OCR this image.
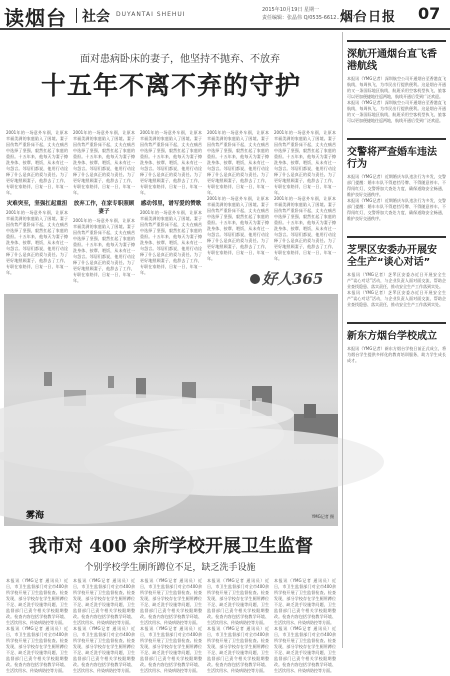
读烟台 社会 DUYANTAI SHEHUI
2015年10月19日 星期一
责任编辑：张晶伟 Q/0535-6612... 1697...
烟台日报 07
面对患病卧床的妻子，他坚持不抛弃、不放弃
十五年不离不弃的守护
2001年的一场意外车祸，让原本幸福美满的家庭陷入了困境。妻子因伤势严重卧床不起，丈夫在痛苦中选择了坚强，毅然扛起了家庭的重担。十五年来，他每天为妻子擦洗身体、按摩、喂饭，从未有过一句怨言。邻居们都说，他用行动诠释了什么是真正的爱与责任。为了更好地照顾妻子，他辞去了工作，专职在家陪伴，日复一日，年复一年。
灾难突至，坚强扛起重担
2001年的一场意外车祸，让原本幸福美满的家庭陷入了困境。妻子因伤势严重卧床不起，丈夫在痛苦中选择了坚强，毅然扛起了家庭的重担。十五年来，他每天为妻子擦洗身体、按摩、喂饭，从未有过一句怨言。邻居们都说，他用行动诠释了什么是真正的爱与责任。为了更好地照顾妻子，他辞去了工作，专职在家陪伴，日复一日，年复一年。
2001年的一场意外车祸，让原本幸福美满的家庭陷入了困境。妻子因伤势严重卧床不起，丈夫在痛苦中选择了坚强，毅然扛起了家庭的重担。十五年来，他每天为妻子擦洗身体、按摩、喂饭，从未有过一句怨言。邻居们都说，他用行动诠释了什么是真正的爱与责任。为了更好地照顾妻子，他辞去了工作，专职在家陪伴，日复一日，年复一年。
放弃工作，在家专职照顾妻子
2001年的一场意外车祸，让原本幸福美满的家庭陷入了困境。妻子因伤势严重卧床不起，丈夫在痛苦中选择了坚强，毅然扛起了家庭的重担。十五年来，他每天为妻子擦洗身体、按摩、喂饭，从未有过一句怨言。邻居们都说，他用行动诠释了什么是真正的爱与责任。为了更好地照顾妻子，他辞去了工作，专职在家陪伴，日复一日，年复一年。
2001年的一场意外车祸，让原本幸福美满的家庭陷入了困境。妻子因伤势严重卧床不起，丈夫在痛苦中选择了坚强，毅然扛起了家庭的重担。十五年来，他每天为妻子擦洗身体、按摩、喂饭，从未有过一句怨言。邻居们都说，他用行动诠释了什么是真正的爱与责任。为了更好地照顾妻子，他辞去了工作，专职在家陪伴，日复一日，年复一年。
感动邻里，谱写爱的赞歌
2001年的一场意外车祸，让原本幸福美满的家庭陷入了困境。妻子因伤势严重卧床不起，丈夫在痛苦中选择了坚强，毅然扛起了家庭的重担。十五年来，他每天为妻子擦洗身体、按摩、喂饭，从未有过一句怨言。邻居们都说，他用行动诠释了什么是真正的爱与责任。为了更好地照顾妻子，他辞去了工作，专职在家陪伴，日复一日，年复一年。
2001年的一场意外车祸，让原本幸福美满的家庭陷入了困境。妻子因伤势严重卧床不起，丈夫在痛苦中选择了坚强，毅然扛起了家庭的重担。十五年来，他每天为妻子擦洗身体、按摩、喂饭，从未有过一句怨言。邻居们都说，他用行动诠释了什么是真正的爱与责任。为了更好地照顾妻子，他辞去了工作，专职在家陪伴，日复一日，年复一年。
2001年的一场意外车祸，让原本幸福美满的家庭陷入了困境。妻子因伤势严重卧床不起，丈夫在痛苦中选择了坚强，毅然扛起了家庭的重担。十五年来，他每天为妻子擦洗身体、按摩、喂饭，从未有过一句怨言。邻居们都说，他用行动诠释了什么是真正的爱与责任。为了更好地照顾妻子，他辞去了工作，专职在家陪伴，日复一日，年复一年。
2001年的一场意外车祸，让原本幸福美满的家庭陷入了困境。妻子因伤势严重卧床不起，丈夫在痛苦中选择了坚强，毅然扛起了家庭的重担。十五年来，他每天为妻子擦洗身体、按摩、喂饭，从未有过一句怨言。邻居们都说，他用行动诠释了什么是真正的爱与责任。为了更好地照顾妻子，他辞去了工作，专职在家陪伴，日复一日，年复一年。
2001年的一场意外车祸，让原本幸福美满的家庭陷入了困境。妻子因伤势严重卧床不起，丈夫在痛苦中选择了坚强，毅然扛起了家庭的重担。十五年来，他每天为妻子擦洗身体、按摩、喂饭，从未有过一句怨言。邻居们都说，他用行动诠释了什么是真正的爱与责任。为了更好地照顾妻子，他辞去了工作，专职在家陪伴，日复一日，年复一年。
好人365
雾海	YMG记者 摄
我市对 400 余所学校开展卫生监督
个别学校学生厕所蹲位不足，缺乏洗手设施
本报讯（YMG记者 通讯员）近日，市卫生监督部门对全市400余所学校开展了卫生监督检查。检查发现，部分学校存在学生厕所蹲位不足、缺乏洗手设施等问题，卫生监督部门已责令相关学校限期整改。检查内容包括学校教学环境、生活饮用水、传染病防控等方面。
本报讯（YMG记者 通讯员）近日，市卫生监督部门对全市400余所学校开展了卫生监督检查。检查发现，部分学校存在学生厕所蹲位不足、缺乏洗手设施等问题，卫生监督部门已责令相关学校限期整改。检查内容包括学校教学环境、生活饮用水、传染病防控等方面。
本报讯（YMG记者 通讯员）近日，市卫生监督部门对全市400余所学校开展了卫生监督检查。检查发现，部分学校存在学生厕所蹲位不足、缺乏洗手设施等问题，卫生监督部门已责令相关学校限期整改。检查内容包括学校教学环境、生活饮用水、传染病防控等方面。
本报讯（YMG记者 通讯员）近日，市卫生监督部门对全市400余所学校开展了卫生监督检查。检查发现，部分学校存在学生厕所蹲位不足、缺乏洗手设施等问题，卫生监督部门已责令相关学校限期整改。检查内容包括学校教学环境、生活饮用水、传染病防控等方面。
本报讯（YMG记者 通讯员）近日，市卫生监督部门对全市400余所学校开展了卫生监督检查。检查发现，部分学校存在学生厕所蹲位不足、缺乏洗手设施等问题，卫生监督部门已责令相关学校限期整改。检查内容包括学校教学环境、生活饮用水、传染病防控等方面。
本报讯（YMG记者 通讯员）近日，市卫生监督部门对全市400余所学校开展了卫生监督检查。检查发现，部分学校存在学生厕所蹲位不足、缺乏洗手设施等问题，卫生监督部门已责令相关学校限期整改。检查内容包括学校教学环境、生活饮用水、传染病防控等方面。
本报讯（YMG记者 通讯员）近日，市卫生监督部门对全市400余所学校开展了卫生监督检查。检查发现，部分学校存在学生厕所蹲位不足、缺乏洗手设施等问题，卫生监督部门已责令相关学校限期整改。检查内容包括学校教学环境、生活饮用水、传染病防控等方面。
本报讯（YMG记者 通讯员）近日，市卫生监督部门对全市400余所学校开展了卫生监督检查。检查发现，部分学校存在学生厕所蹲位不足、缺乏洗手设施等问题，卫生监督部门已责令相关学校限期整改。检查内容包括学校教学环境、生活饮用水、传染病防控等方面。
本报讯（YMG记者 通讯员）近日，市卫生监督部门对全市400余所学校开展了卫生监督检查。检查发现，部分学校存在学生厕所蹲位不足、缺乏洗手设施等问题，卫生监督部门已责令相关学校限期整改。检查内容包括学校教学环境、生活饮用水、传染病防控等方面。
本报讯（YMG记者 通讯员）近日，市卫生监督部门对全市400余所学校开展了卫生监督检查。检查发现，部分学校存在学生厕所蹲位不足、缺乏洗手设施等问题，卫生监督部门已责令相关学校限期整改。检查内容包括学校教学环境、生活饮用水、传染病防控等方面。
深航开通烟台直飞香港航线
本报讯（YMG记者）深圳航空公司开通烟台至香港直飞航线，每周执飞，为市民出行提供便利。这是烟台开通的又一条国际地区航线，航班采用空客机型执飞，旅客可以更加便捷地往返两地，航线开通后受到广泛欢迎。
本报讯（YMG记者）深圳航空公司开通烟台至香港直飞航线，每周执飞，为市民出行提供便利。这是烟台开通的又一条国际地区航线，航班采用空客机型执飞，旅客可以更加便捷地往返两地，航线开通后受到广泛欢迎。
交警将严查婚车违法行为
本报讯（YMG记者）近期婚庆车队违法行为多发，交警部门提醒：婚车车队不得遮挡号牌、不得随意停车、不得闯红灯，交警将加大查处力度，确保道路安全畅通，维护良好交通秩序。
本报讯（YMG记者）近期婚庆车队违法行为多发，交警部门提醒：婚车车队不得遮挡号牌、不得随意停车、不得闯红灯，交警将加大查处力度，确保道路安全畅通，维护良好交通秩序。
芝罘区安委办开展安全生产“谈心对话”
本报讯（YMG记者）芝罘区安委办近日开展安全生产“谈心对话”活动，与企业负责人面对面交流，帮助企业查找隐患、落实责任，推动安全生产工作落到实处。
本报讯（YMG记者）芝罘区安委办近日开展安全生产“谈心对话”活动，与企业负责人面对面交流，帮助企业查找隐患、落实责任，推动安全生产工作落到实处。
新东方烟台学校成立
本报讯（YMG记者）新东方烟台学校日前正式成立，将为烟台学生提供多样化的教育培训服务，助力学生成长成才。
